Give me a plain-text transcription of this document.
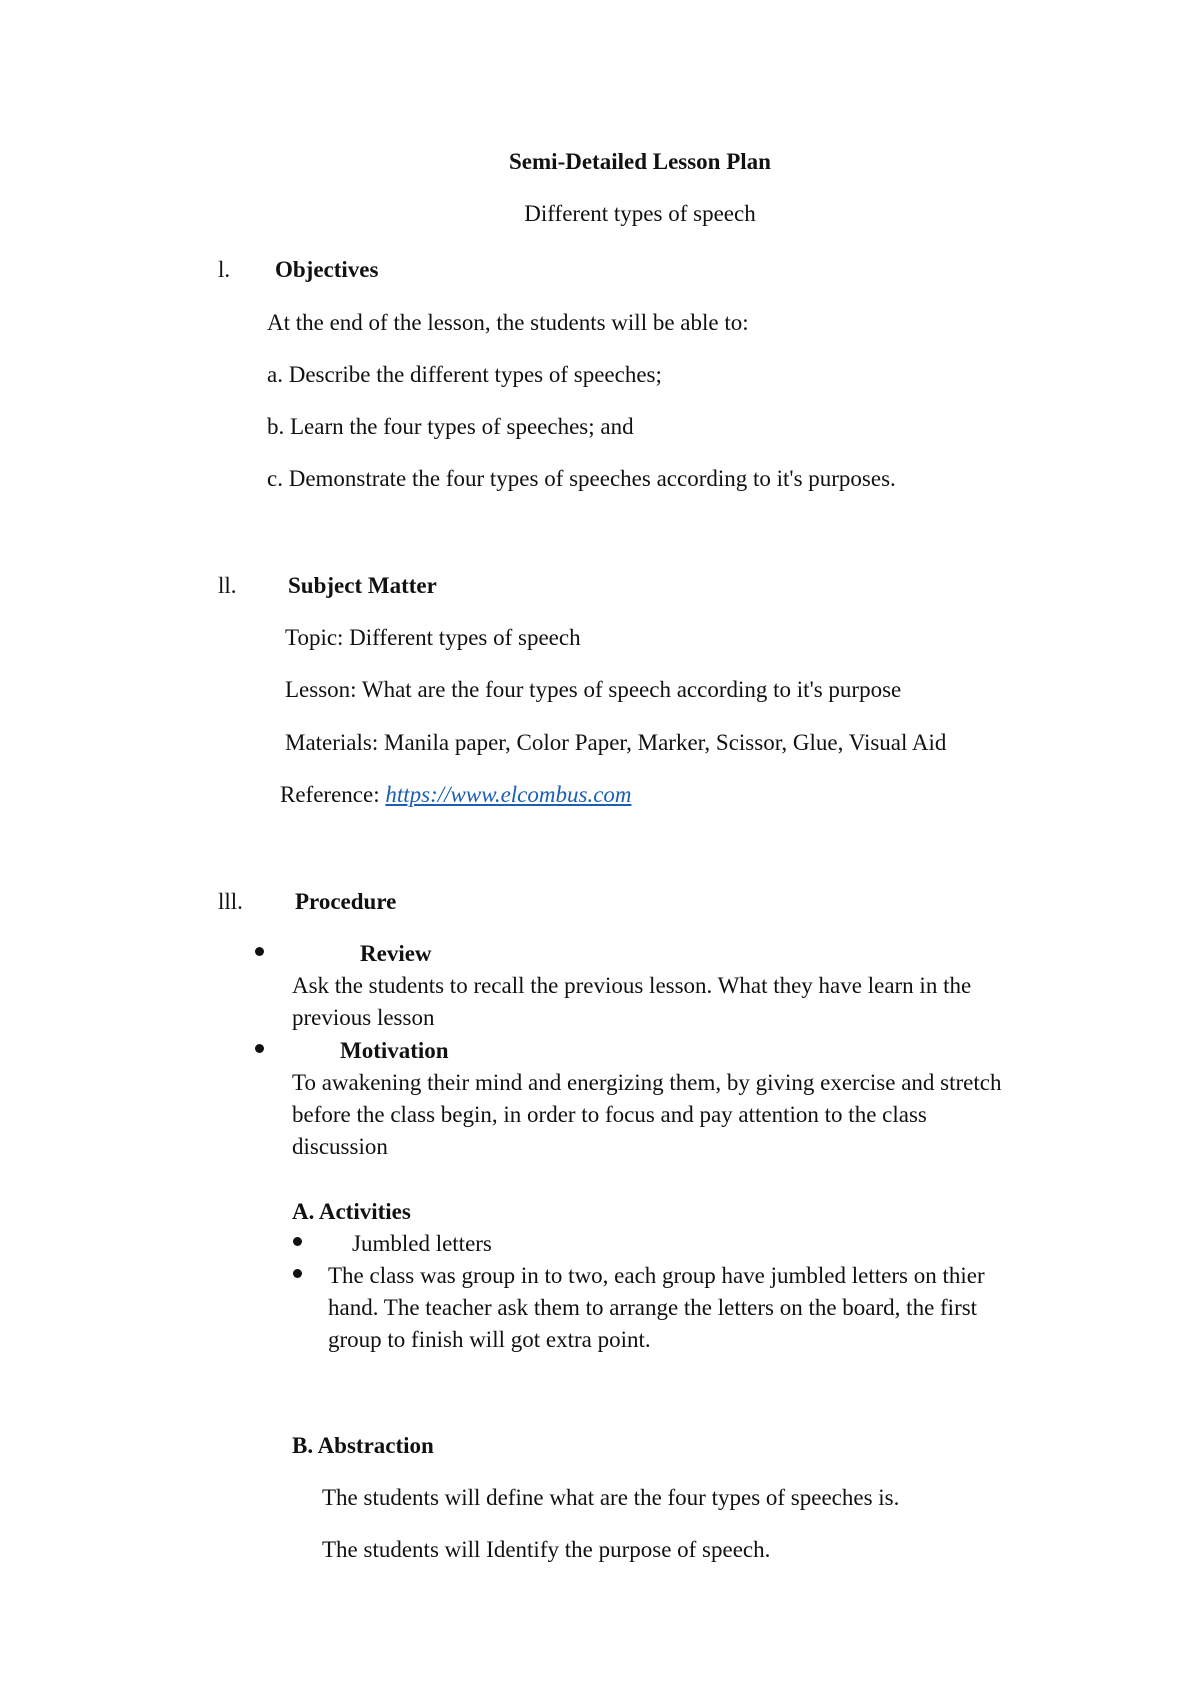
Semi-Detailed Lesson Plan
Different types of speech
l. Objectives
At the end of the lesson, the students will be able to:
a. Describe the different types of speeches;
b. Learn the four types of speeches; and
c. Demonstrate the four types of speeches according to it's purposes.
ll. Subject Matter
Topic: Different types of speech
Lesson: What are the four types of speech according to it's purpose
Materials: Manila paper, Color Paper, Marker, Scissor, Glue, Visual Aid
Reference: https://www.elcombus.com
lll. Procedure
Review
Ask the students to recall the previous lesson. What they have learn in the
previous lesson
Motivation
To awakening their mind and energizing them, by giving exercise and stretch
before the class begin, in order to focus and pay attention to the class
discussion
A. Activities
Jumbled letters
The class was group in to two, each group have jumbled letters on thier
hand. The teacher ask them to arrange the letters on the board, the first
group to finish will got extra point.
B. Abstraction
The students will define what are the four types of speeches is.
The students will Identify the purpose of speech.
